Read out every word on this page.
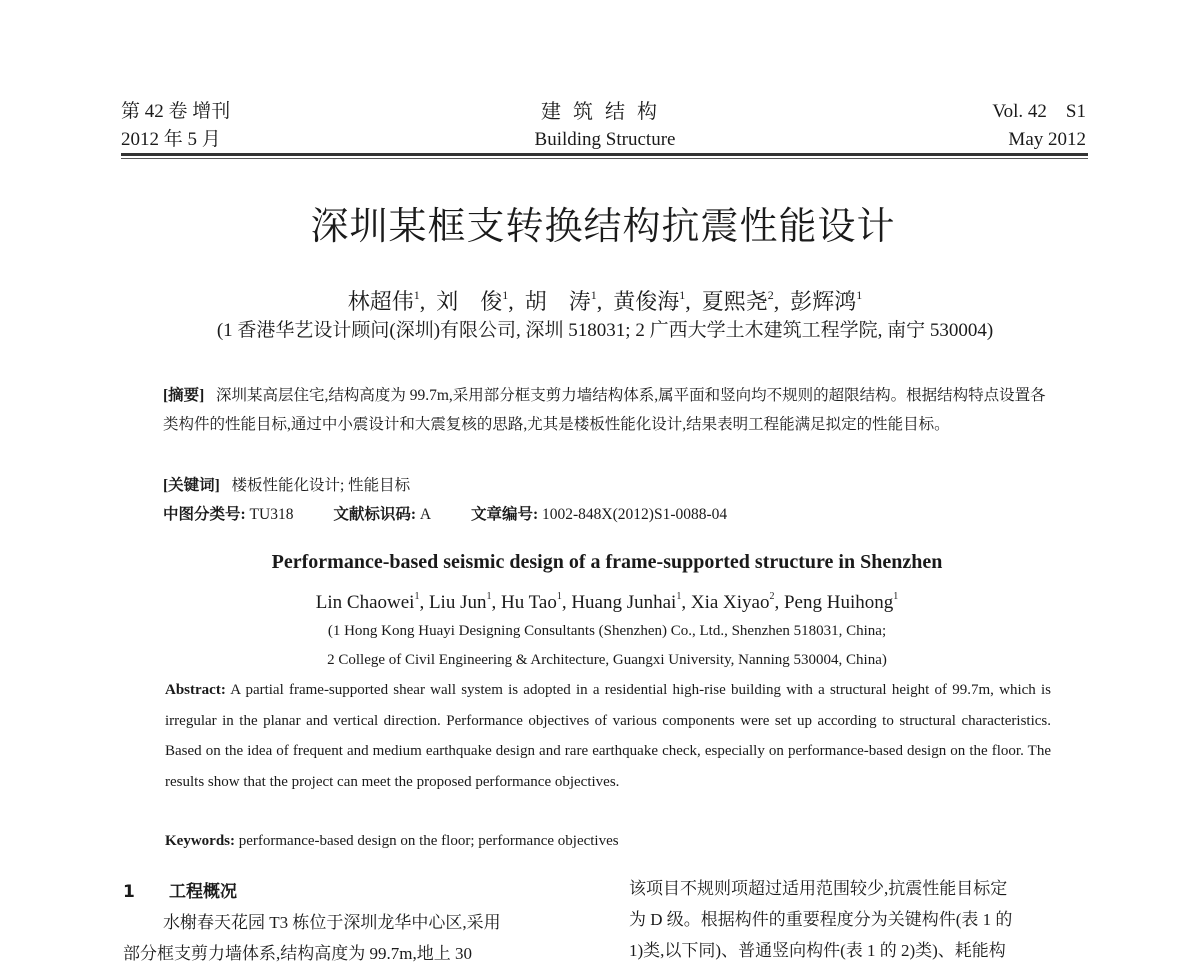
第 42 卷 增刊
2012 年 5 月
建筑结构
Building Structure
Vol. 42　S1
May 2012
深圳某框支转换结构抗震性能设计
林超伟$^1$,  刘　俊$^1$,  胡　涛$^1$,  黄俊海$^1$,  夏熙尧$^2$,  彭辉鸿$^1$
(1 香港华艺设计顾问(深圳)有限公司, 深圳 518031; 2 广西大学土木建筑工程学院, 南宁 530004)
[摘要] 深圳某高层住宅,结构高度为 99.7m,采用部分框支剪力墙结构体系,属平面和竖向均不规则的超限结构。根据结构特点设置各类构件的性能目标,通过中小震设计和大震复核的思路,尤其是楼板性能化设计,结果表明工程能满足拟定的性能目标。
[关键词] 楼板性能化设计; 性能目标
中图分类号: TU318	文献标识码: A	文章编号: 1002-848X(2012)S1-0088-04
Performance-based seismic design of a frame-supported structure in Shenzhen
Lin Chaowei$^1$, Liu Jun$^1$, Hu Tao$^1$, Huang Junhai$^1$, Xia Xiyao$^2$, Peng Huihong$^1$
(1 Hong Kong Huayi Designing Consultants (Shenzhen) Co., Ltd., Shenzhen 518031, China;
2 College of Civil Engineering & Architecture, Guangxi University, Nanning 530004, China)
Abstract: A partial frame-supported shear wall system is adopted in a residential high-rise building with a structural height of 99.7m, which is irregular in the planar and vertical direction. Performance objectives of various components were set up according to structural characteristics. Based on the idea of frequent and medium earthquake design and rare earthquake check, especially on performance-based design on the floor. The results show that the project can meet the proposed performance objectives.
Keywords: performance-based design on the floor; performance objectives
1 工程概况
水榭春天花园 T3 栋位于深圳龙华中心区,采用
部分框支剪力墙体系,结构高度为 99.7m,地上 30
该项目不规则项超过适用范围较少,抗震性能目标定
为 D 级。根据构件的重要程度分为关键构件(表 1 的
1)类,以下同)、普通竖向构件(表 1 的 2)类)、耗能构
